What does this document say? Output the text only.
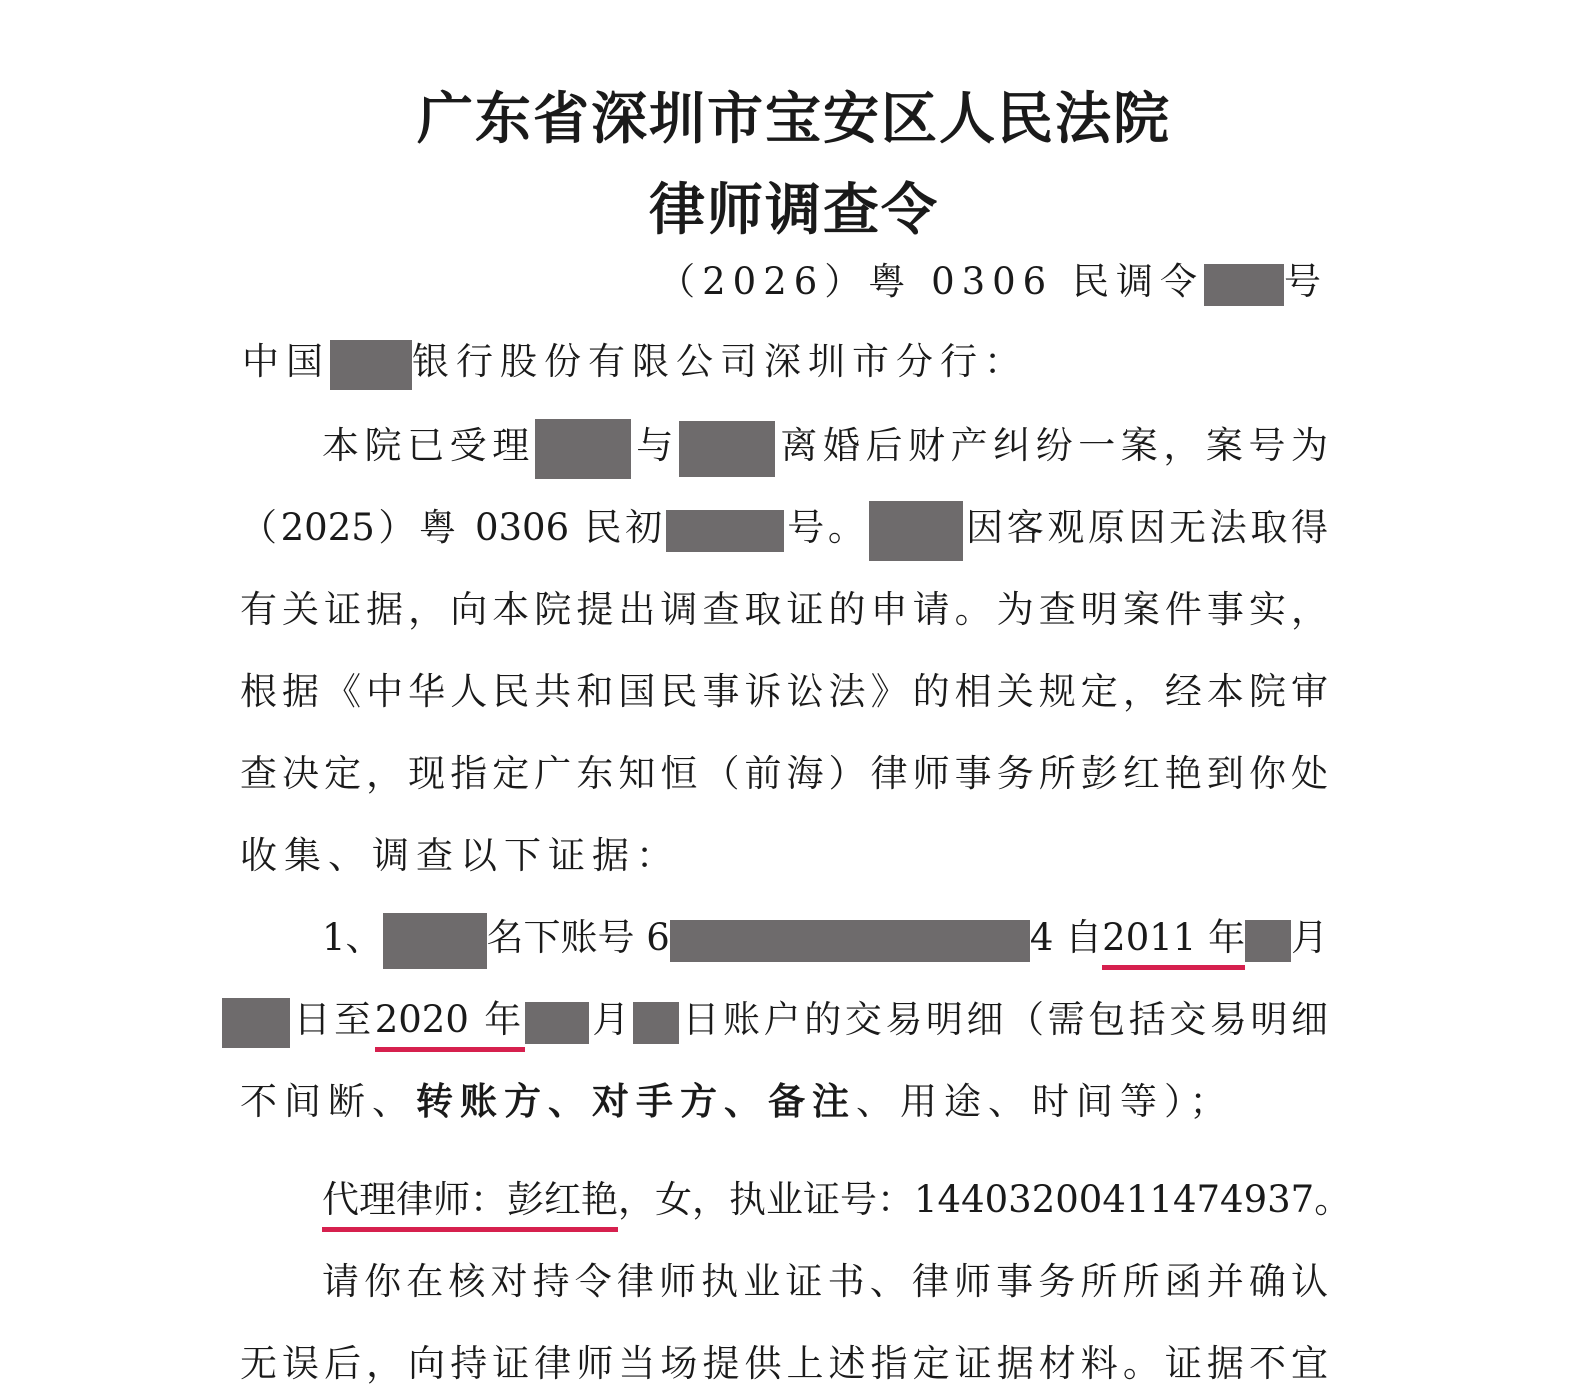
广东省深圳市宝安区人民法院
律师调查令
（2026）粤 0306 民调令 号
中国 银行股份有限公司深圳市分行：
本院已受理	与	离婚后财产纠纷一案，案号为
（2025）粤 0306 民初	号。	因客观原因无法取得
有关证据，向本院提出调查取证的申请。为查明案件事实，
根据《中华人民共和国民事诉讼法》的相关规定，经本院审
查决定，现指定广东知恒（前海）律师事务所彭红艳到你处
收集、调查以下证据：
1、	名下账号 6	4 自2011 年 月
日至2020 年 月 日账户的交易明细（需包括交易明细
不间断、转账方、对手方、备注、用途、时间等）；
代理律师：彭红艳，女，执业证号：14403200411474937。
请你在核对持令律师执业证书、律师事务所所函并确认
无误后，向持证律师当场提供上述指定证据材料。证据不宜
